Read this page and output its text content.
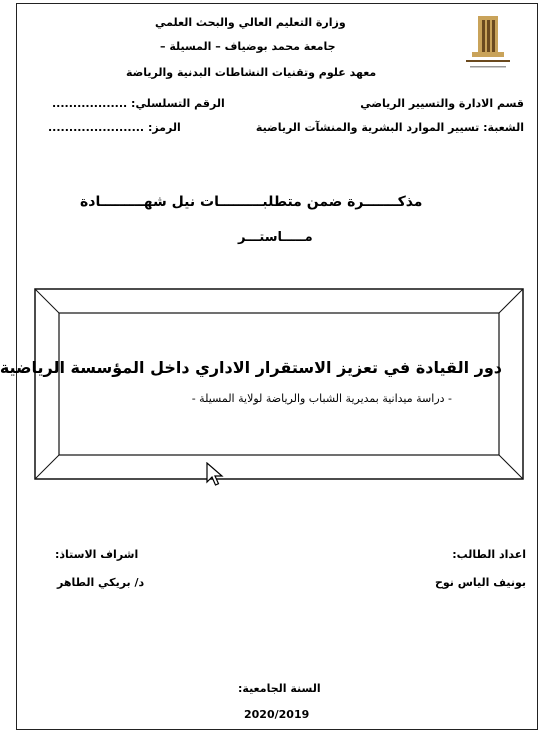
وزارة التعليم العالي والبحث العلمي
جامعة محمد بوضياف – المسيلة –
معهد علوم وتقنيات النشاطات البدنية والرياضة
قسم الادارة والتسيير الرياضي
الرقم التسلسلي: ..................
الشعبة: تسيير الموارد البشرية والمنشآت الرياضية
الرمز: .......................
مذكـــــــرة ضمن متطلبـــــــــات نيل شهـــــــــادة
مـــــاستـــر
دور القيادة في تعزيز الاستقرار الاداري داخل المؤسسة الرياضية
- دراسة ميدانية بمديرية الشباب والرياضة لولاية المسيلة -
اعداد الطالب:
اشراف الاستاذ:
بونيف الياس نوح
د/ بريكي الطاهر
السنة الجامعية:
2020/2019
